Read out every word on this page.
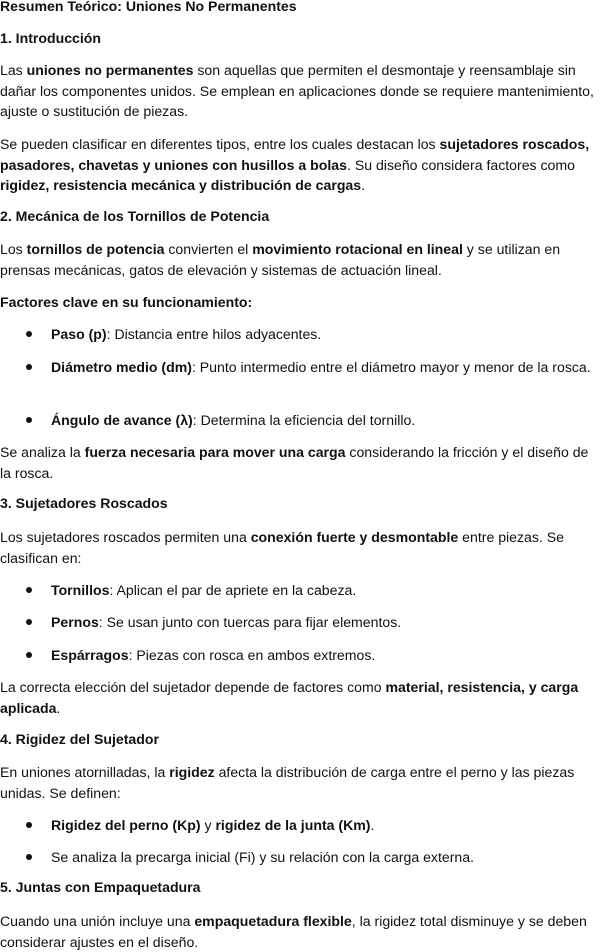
Resumen Teórico: Uniones No Permanentes
1. Introducción
Las uniones no permanentes son aquellas que permiten el desmontaje y reensamblaje sin dañar los componentes unidos. Se emplean en aplicaciones donde se requiere mantenimiento, ajuste o sustitución de piezas.
Se pueden clasificar en diferentes tipos, entre los cuales destacan los sujetadores roscados, pasadores, chavetas y uniones con husillos a bolas. Su diseño considera factores como rigidez, resistencia mecánica y distribución de cargas.
2. Mecánica de los Tornillos de Potencia
Los tornillos de potencia convierten el movimiento rotacional en lineal y se utilizan en prensas mecánicas, gatos de elevación y sistemas de actuación lineal.
Factores clave en su funcionamiento:
Paso (p): Distancia entre hilos adyacentes.
Diámetro medio (dm): Punto intermedio entre el diámetro mayor y menor de la rosca.
Ángulo de avance (λ): Determina la eficiencia del tornillo.
Se analiza la fuerza necesaria para mover una carga considerando la fricción y el diseño de la rosca.
3. Sujetadores Roscados
Los sujetadores roscados permiten una conexión fuerte y desmontable entre piezas. Se clasifican en:
Tornillos: Aplican el par de apriete en la cabeza.
Pernos: Se usan junto con tuercas para fijar elementos.
Espárragos: Piezas con rosca en ambos extremos.
La correcta elección del sujetador depende de factores como material, resistencia, y carga aplicada.
4. Rigidez del Sujetador
En uniones atornilladas, la rigidez afecta la distribución de carga entre el perno y las piezas unidas. Se definen:
Rigidez del perno (Kp) y rigidez de la junta (Km).
Se analiza la precarga inicial (Fi) y su relación con la carga externa.
5. Juntas con Empaquetadura
Cuando una unión incluye una empaquetadura flexible, la rigidez total disminuye y se deben considerar ajustes en el diseño.
